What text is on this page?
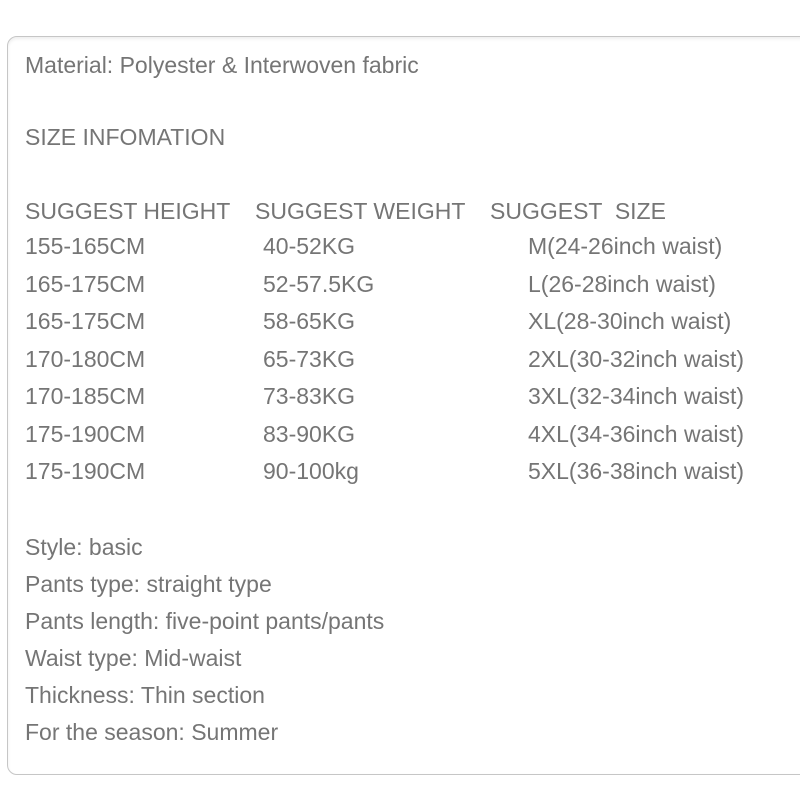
Material: Polyester & Interwoven fabric
SIZE INFOMATION
SUGGEST HEIGHT SUGGEST WEIGHT SUGGEST  SIZE
155-165CM	40-52KG	M(24-26inch waist)
165-175CM	52-57.5KG	L(26-28inch waist)
165-175CM	58-65KG	XL(28-30inch waist)
170-180CM	65-73KG	2XL(30-32inch waist)
170-185CM	73-83KG	3XL(32-34inch waist)
175-190CM	83-90KG	4XL(34-36inch waist)
175-190CM	90-100kg	5XL(36-38inch waist)
Style: basic
Pants type: straight type
Pants length: five-point pants/pants
Waist type: Mid-waist
Thickness: Thin section
For the season: Summer
